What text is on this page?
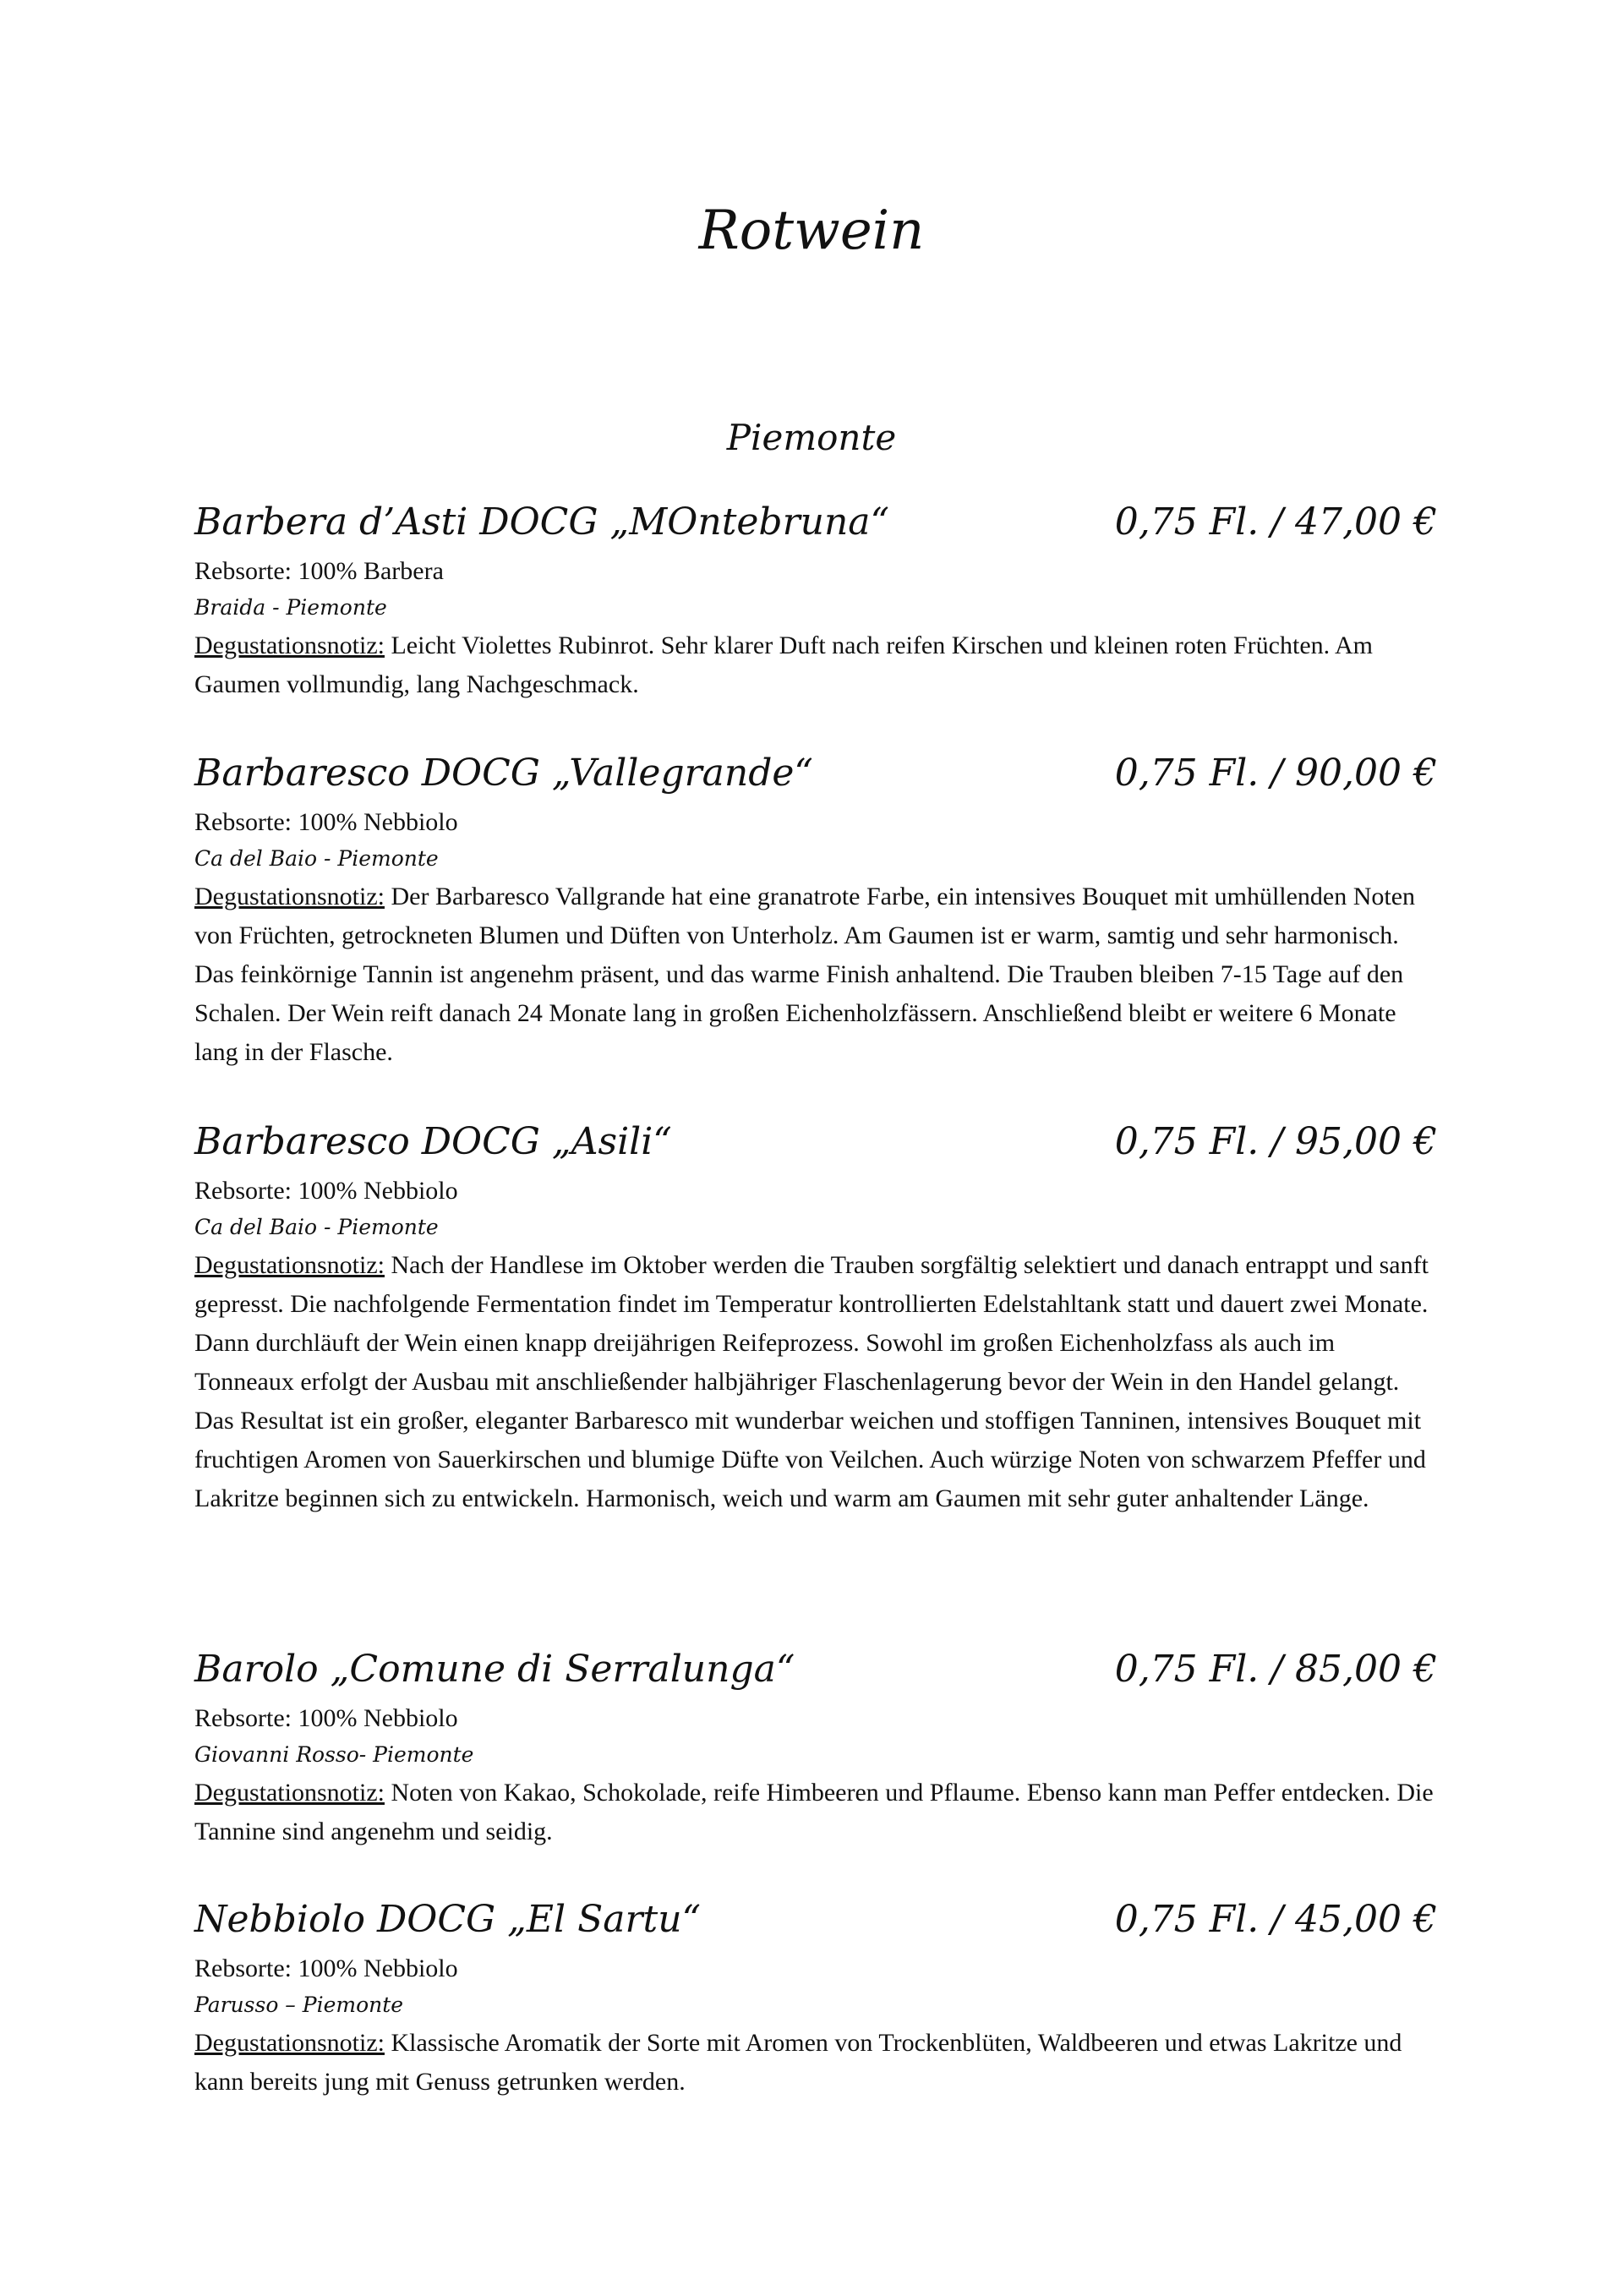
Rotwein
Piemonte
Barbera d’Asti DOCG „MOntebruna“	0,75 Fl. / 47,00 €
Rebsorte: 100% Barbera
Braida - Piemonte
Degustationsnotiz: Leicht Violettes Rubinrot. Sehr klarer Duft nach reifen Kirschen und kleinen roten Früchten. Am Gaumen vollmundig, lang Nachgeschmack.
Barbaresco DOCG „Vallegrande“	0,75 Fl. / 90,00 €
Rebsorte: 100% Nebbiolo
Ca del Baio - Piemonte
Degustationsnotiz: Der Barbaresco Vallgrande hat eine granatrote Farbe, ein intensives Bouquet mit umhüllenden Noten von Früchten, getrockneten Blumen und Düften von Unterholz. Am Gaumen ist er warm, samtig und sehr harmonisch. Das feinkörnige Tannin ist angenehm präsent, und das warme Finish anhaltend. Die Trauben bleiben 7-15 Tage auf den Schalen. Der Wein reift danach 24 Monate lang in großen Eichenholzfässern. Anschließend bleibt er weitere 6 Monate lang in der Flasche.
Barbaresco DOCG „Asili“	0,75 Fl. / 95,00 €
Rebsorte: 100% Nebbiolo
Ca del Baio - Piemonte
Degustationsnotiz: Nach der Handlese im Oktober werden die Trauben sorgfältig selektiert und danach entrappt und sanft gepresst. Die nachfolgende Fermentation findet im Temperatur kontrollierten Edelstahltank statt und dauert zwei Monate. Dann durchläuft der Wein einen knapp dreijährigen Reifeprozess. Sowohl im großen Eichenholzfass als auch im Tonneaux erfolgt der Ausbau mit anschließender halbjähriger Flaschenlagerung bevor der Wein in den Handel gelangt. Das Resultat ist ein großer, eleganter Barbaresco mit wunderbar weichen und stoffigen Tanninen, intensives Bouquet mit fruchtigen Aromen von Sauerkirschen und blumige Düfte von Veilchen. Auch würzige Noten von schwarzem Pfeffer und Lakritze beginnen sich zu entwickeln. Harmonisch, weich und warm am Gaumen mit sehr guter anhaltender Länge.
Barolo „Comune di Serralunga“	0,75 Fl. / 85,00 €
Rebsorte: 100% Nebbiolo
Giovanni Rosso- Piemonte
Degustationsnotiz: Noten von Kakao, Schokolade, reife Himbeeren und Pflaume. Ebenso kann man Peffer entdecken. Die Tannine sind angenehm und seidig.
Nebbiolo DOCG „El Sartu“	0,75 Fl. / 45,00 €
Rebsorte: 100% Nebbiolo
Parusso – Piemonte
Degustationsnotiz: Klassische Aromatik der Sorte mit Aromen von Trockenblüten, Waldbeeren und etwas Lakritze und kann bereits jung mit Genuss getrunken werden.
